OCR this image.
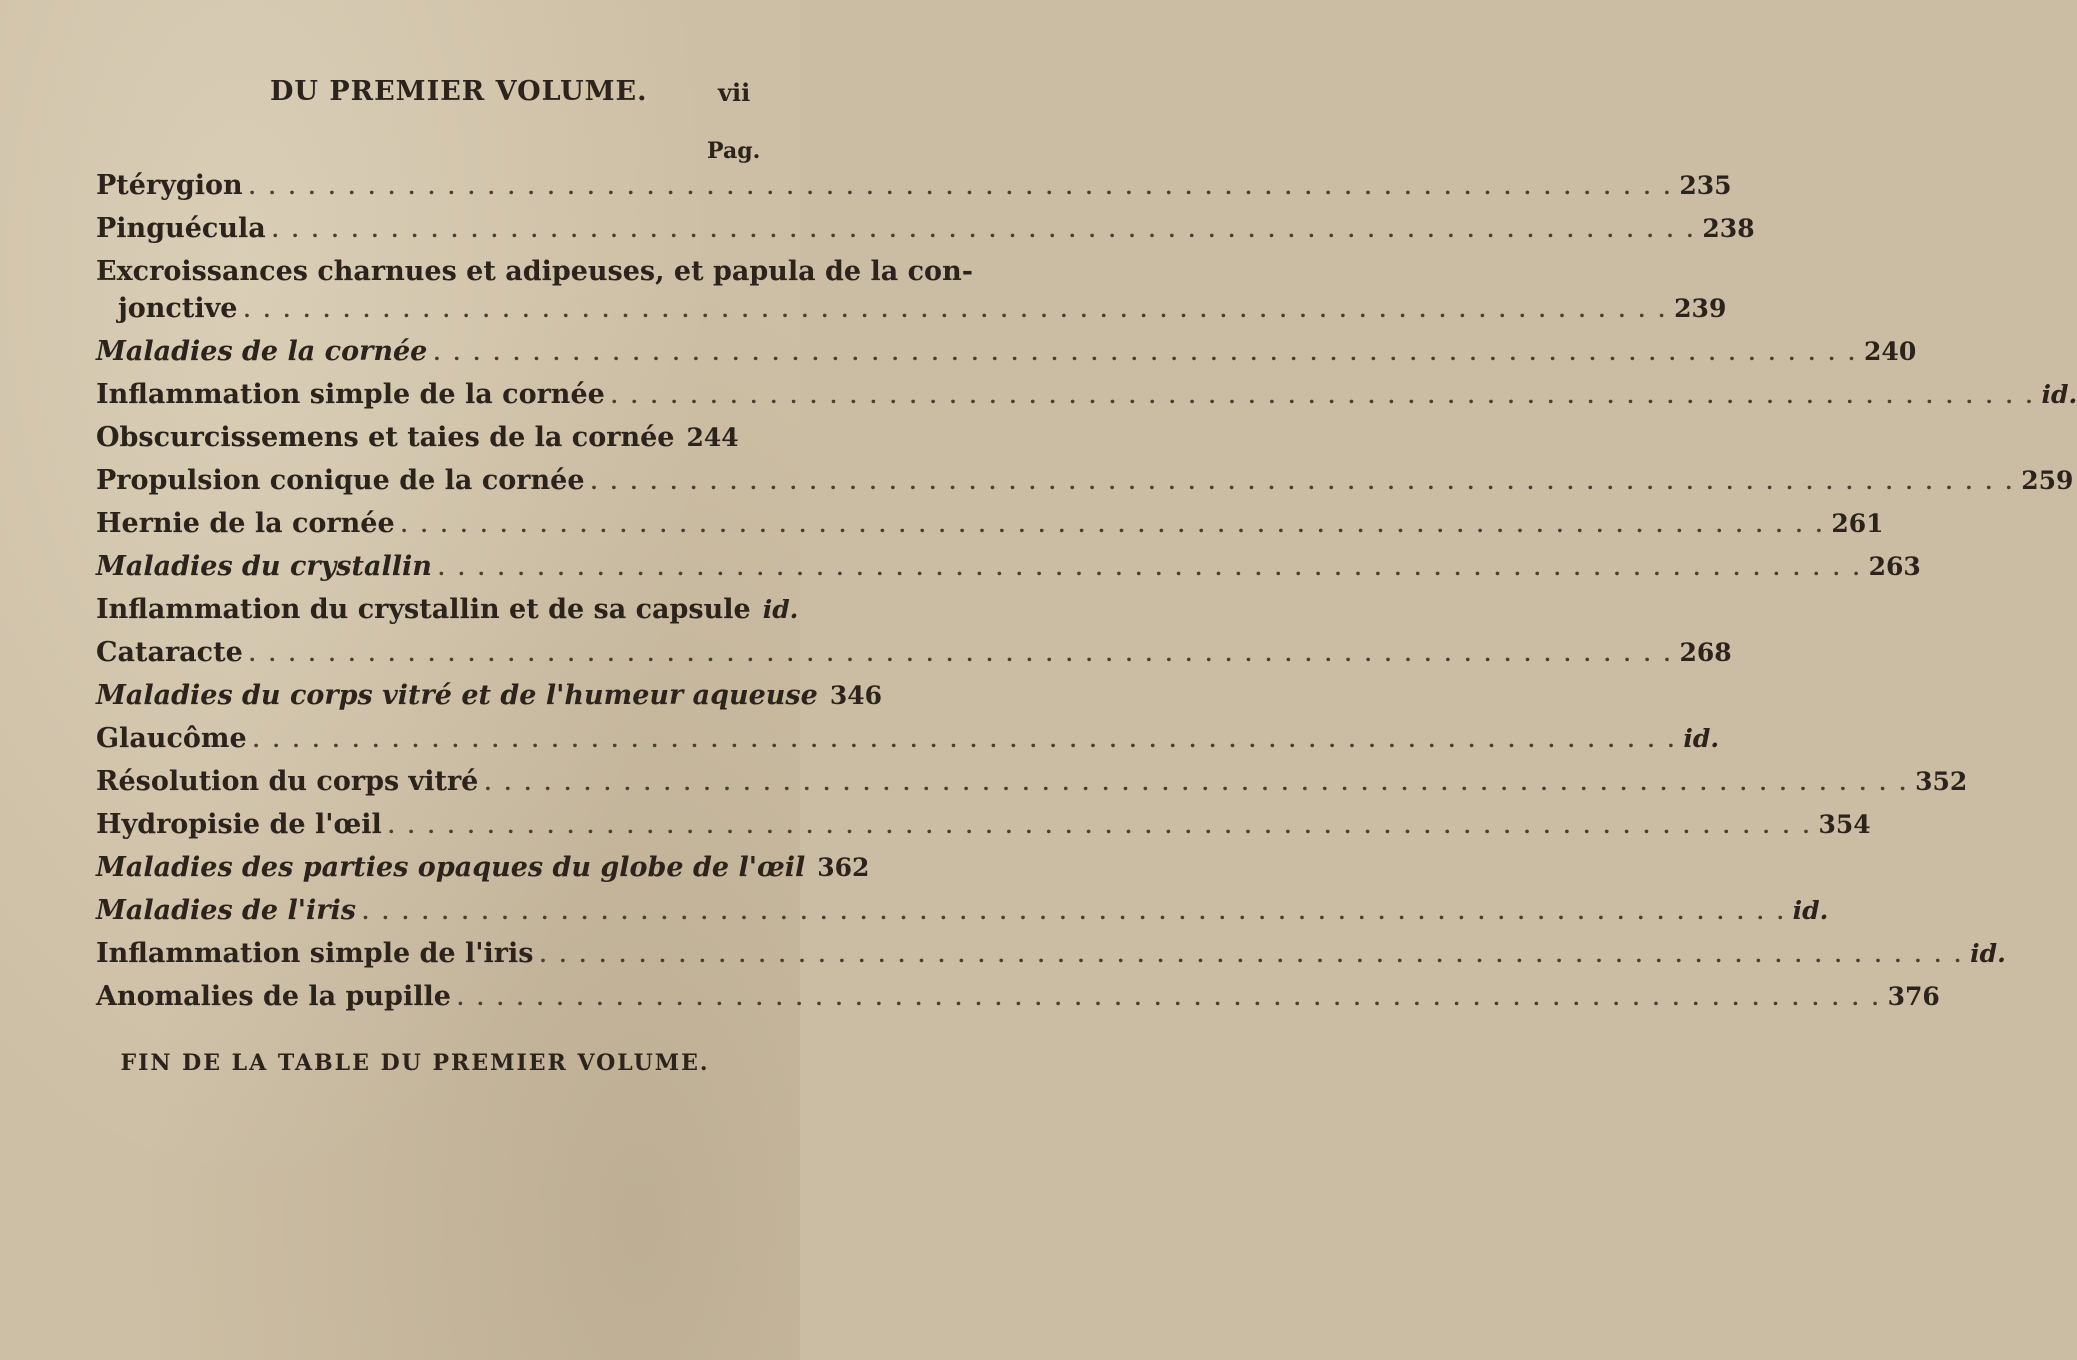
DU PREMIER VOLUME.	vii
Pag.
Ptérygion . . .	235
Pinguécula . . .	238
Excroissances charnues et adipeuses, et papula de la con-
jonctive . . .	239
Maladies de la cornée . . .	240
Inflammation simple de la cornée . . .	id.
Obscurcissemens et taies de la cornée 244
Propulsion conique de la cornée . . .	259
Hernie de la cornée . . .	261
Maladies du crystallin . . .	263
Inflammation du crystallin et de sa capsule id.
Cataracte . . .	268
Maladies du corps vitré et de l'humeur aqueuse 346
Glaucôme . . .	id.
Résolution du corps vitré . . .	352
Hydropisie de l'œil . . .	354
Maladies des parties opaques du globe de l'œil 362
Maladies de l'iris . . .	id.
Inflammation simple de l'iris . . .	id.
Anomalies de la pupille . . .	376
FIN DE LA TABLE DU PREMIER VOLUME.
